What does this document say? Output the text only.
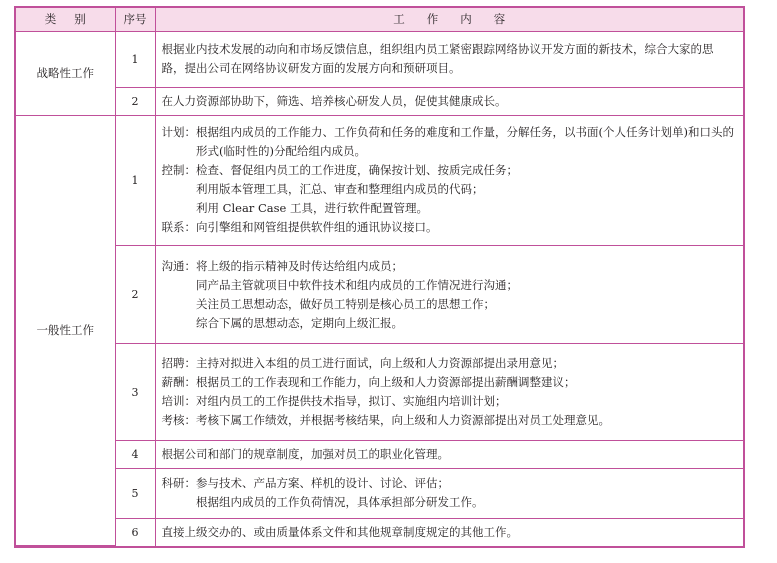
类别	序号	工作内容
战略性工作	1	根据业内技术发展的动向和市场反馈信息，组织组内员工紧密跟踪网络协议开发方面的新技术，综合大家的思路，提出公司在网络协议研发方面的发展方向和预研项目。

	2	在人力资源部协助下，筛选、培养核心研发人员，促使其健康成长。

一般性工作	1	计划：根据组内成员的工作能力、工作负荷和任务的难度和工作量，分解任务，以书面(个人任务计划单)和口头的形式(临时性的)分配给组内成员。
控制：检查、督促组内员工的工作进度，确保按计划、按质完成任务；
利用版本管理工具，汇总、审查和整理组内成员的代码；
利用 Clear Case 工具，进行软件配置管理。
联系：向引擎组和网管组提供软件组的通讯协议接口。

	2	沟通：将上级的指示精神及时传达给组内成员；
同产品主管就项目中软件技术和组内成员的工作情况进行沟通；
关注员工思想动态，做好员工特别是核心员工的思想工作；
综合下属的思想动态，定期向上级汇报。

	3	招聘：主持对拟进入本组的员工进行面试，向上级和人力资源部提出录用意见；
薪酬：根据员工的工作表现和工作能力，向上级和人力资源部提出薪酬调整建议；
培训：对组内员工的工作提供技术指导，拟订、实施组内培训计划；
考核：考核下属工作绩效，并根据考核结果，向上级和人力资源部提出对员工处理意见。

	4	根据公司和部门的规章制度，加强对员工的职业化管理。

	5	科研：参与技术、产品方案、样机的设计、讨论、评估；
根据组内成员的工作负荷情况，具体承担部分研发工作。

	6	直接上级交办的、或由质量体系文件和其他规章制度规定的其他工作。
